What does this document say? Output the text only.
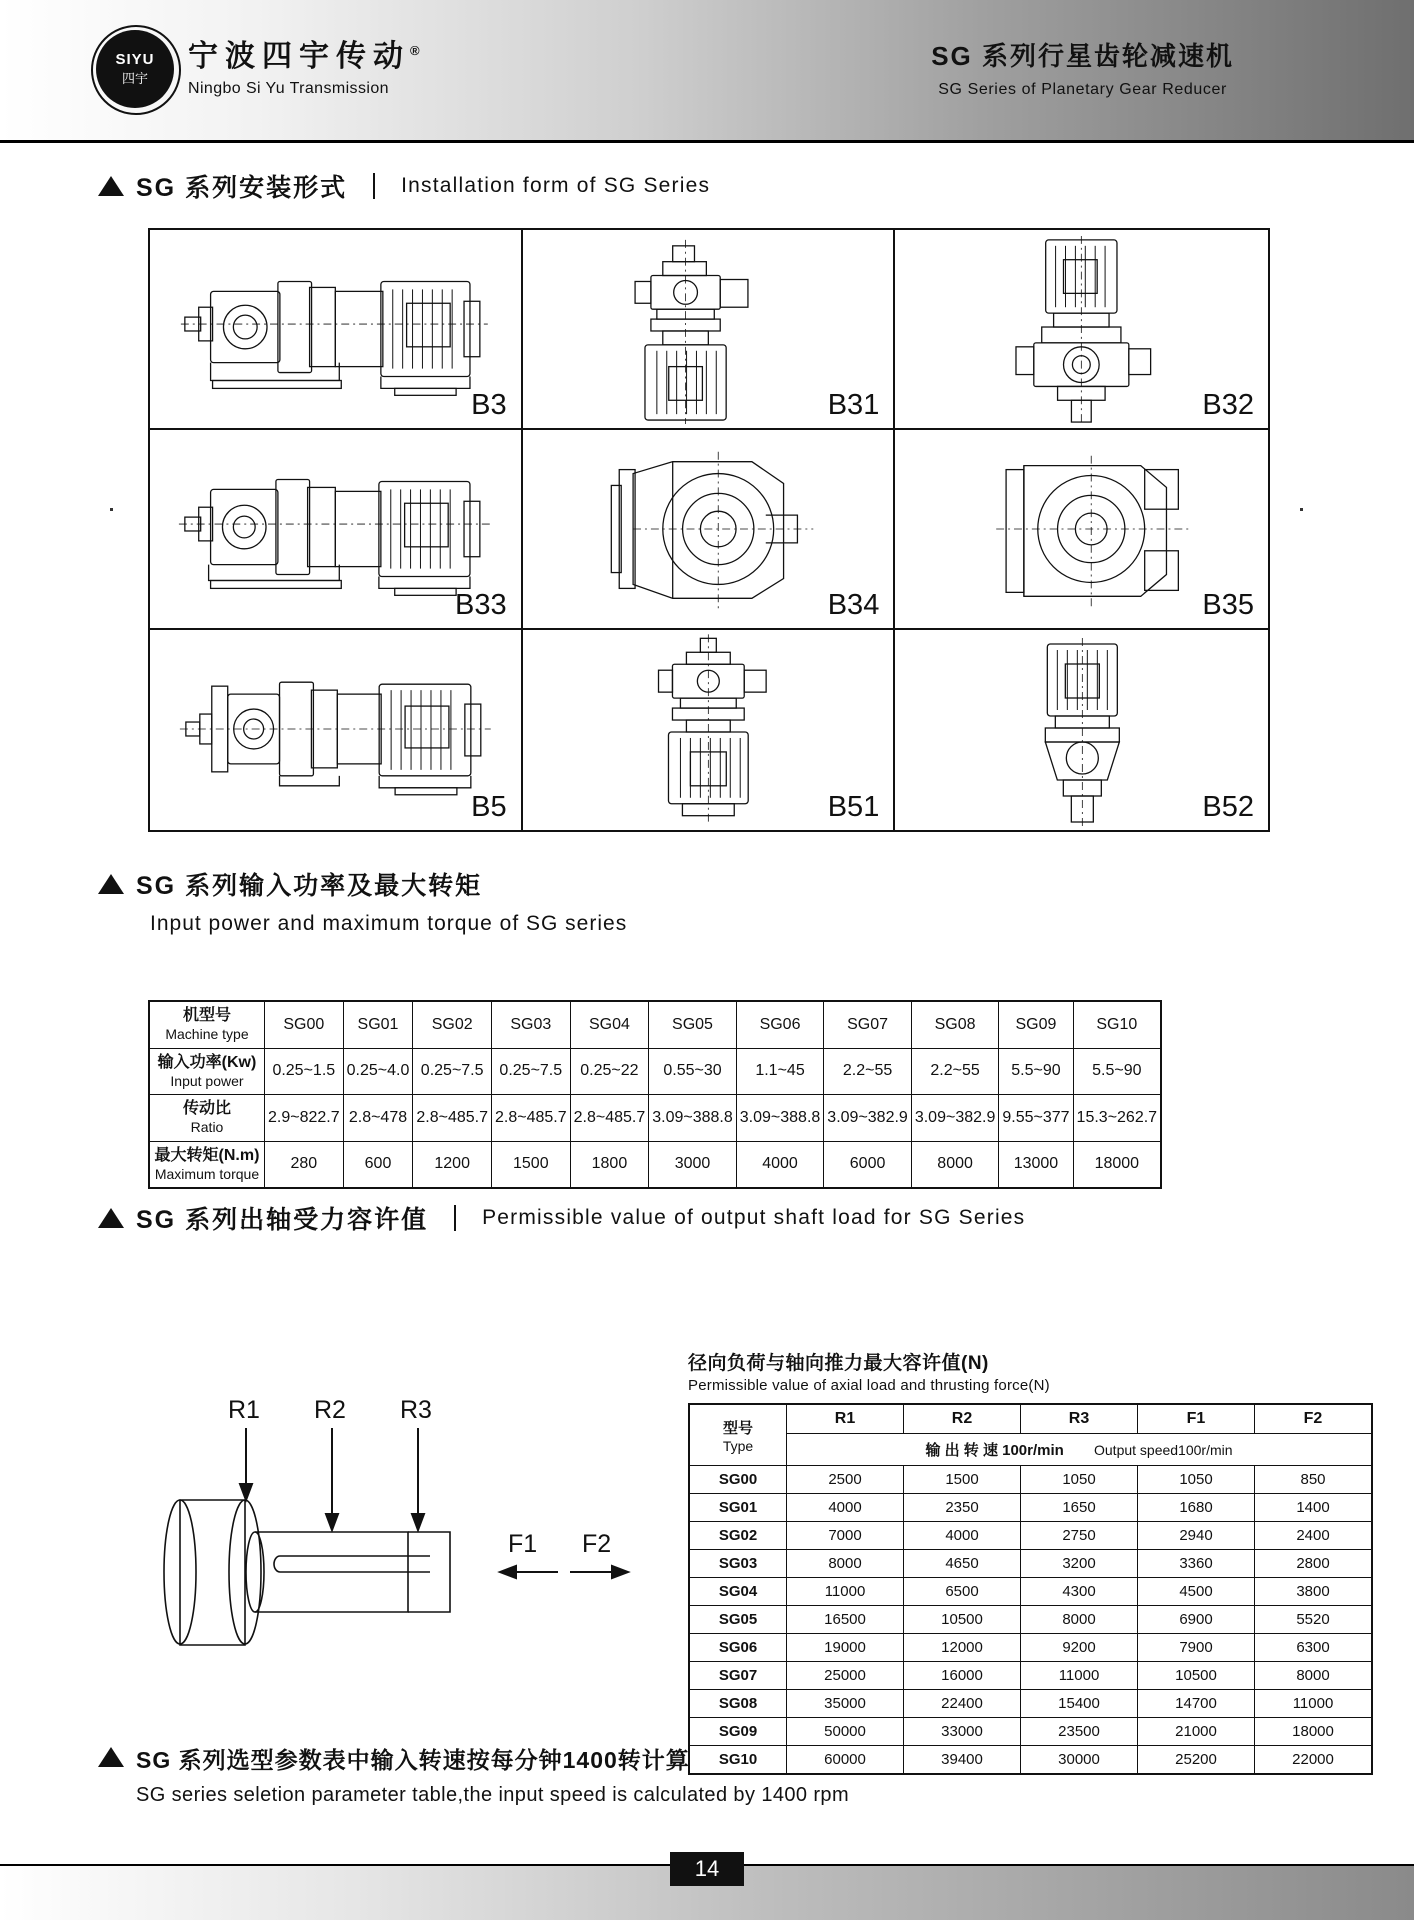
SIYU
四宇
宁波四宇传动®
Ningbo Si Yu Transmission
SG 系列行星齿轮减速机
SG Series of Planetary Gear Reducer
SG 系列安装形式	Installation form of SG Series
B3	B31	B32
B33	B34	B35
B5	B51	B52
SG 系列输入功率及最大转矩
Input power and maximum torque of SG series
机型号
Machine type	SG00	SG01	SG02	SG03	SG04	SG05	SG06	SG07	SG08	SG09	SG10

输入功率(Kw)
Input power	0.25~1.5	0.25~4.0	0.25~7.5	0.25~7.5	0.25~22	0.55~30	1.1~45	2.2~55	2.2~55	5.5~90	5.5~90

传动比
Ratio	2.9~822.7	2.8~478	2.8~485.7	2.8~485.7	2.8~485.7	3.09~388.8	3.09~388.8	3.09~382.9	3.09~382.9	9.55~377	15.3~262.7

最大转矩(N.m)
Maximum torque	280	600	1200	1500	1800	3000	4000	6000	8000	13000	18000
SG 系列出轴受力容许值	Permissible value of output shaft load for SG Series
R1 R2 R3
F1 F2
径向负荷与轴向推力最大容许值(N)
Permissible value of axial load and thrusting force(N)
型号
Type	R1	R2	R3	F1	F2
	输 出 转 速 100r/min Output speed100r/min				
SG00	2500	1500	1050	1050	850
SG01	4000	2350	1650	1680	1400
SG02	7000	4000	2750	2940	2400
SG03	8000	4650	3200	3360	2800
SG04	11000	6500	4300	4500	3800
SG05	16500	10500	8000	6900	5520
SG06	19000	12000	9200	7900	6300
SG07	25000	16000	11000	10500	8000
SG08	35000	22400	15400	14700	11000
SG09	50000	33000	23500	21000	18000
SG10	60000	39400	30000	25200	22000
SG 系列选型参数表中输入转速按每分钟1400转计算
SG series seletion parameter table,the input speed is calculated by 1400 rpm
14
